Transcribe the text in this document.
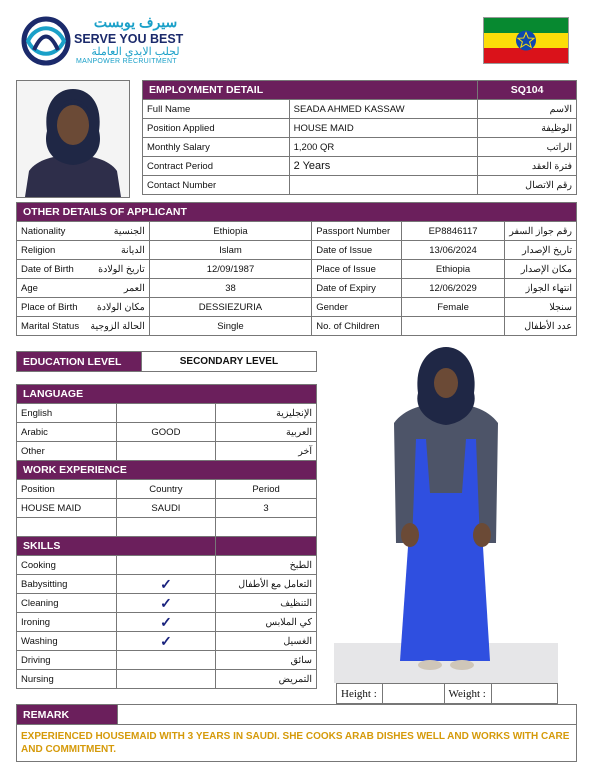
سيرف يوبست
SERVE YOU BEST
لجلب الايدي العاملة
MANPOWER RECRUITMENT
EMPLOYMENT DETAIL		SQ104
Full Name	SEADA AHMED KASSAW	الاسم
Position Applied	HOUSE MAID	الوظيفة
Monthly Salary	1,200 QR	الراتب
Contract Period	2 Years	فترة العقد
Contact Number		رقم الاتصال
OTHER DETAILS OF APPLICANT					
Nationality	الجنسية	Ethiopia	Passport Number	EP8846117	رقم جواز السفر
Religion	الديانة	Islam	Date of Issue	13/06/2024	تاريخ الإصدار
Date of Birth	تاريخ الولادة	12/09/1987	Place of Issue	Ethiopia	مكان الإصدار
Age	العمر	38	Date of Expiry	12/06/2029	انتهاء الجواز
Place of Birth	مكان الولادة	DESSIEZURIA	Gender	Female	سنجلا
Marital Status	الحالة الزوجية	Single	No. of Children		عدد الأطفال
EDUCATION LEVEL	SECONDARY LEVEL
LANGUAGE		
English		الإنجليزية
Arabic	GOOD	العربية
Other		آخر
WORK EXPERIENCE		
Position	Country	Period
HOUSE MAID	SAUDI	3

SKILLS		
Cooking		الطبخ
Babysitting	✓	التعامل مع الأطفال
Cleaning	✓	التنظيف
Ironing	✓	كي الملابس
Washing	✓	الغسيل
Driving		سائق
Nursing		التمريض
Height :		Weight :	
REMARK	
EXPERIENCED HOUSEMAID WITH 3 YEARS IN SAUDI. SHE COOKS ARAB DISHES WELL AND WORKS WITH CARE AND COMMITMENT.
